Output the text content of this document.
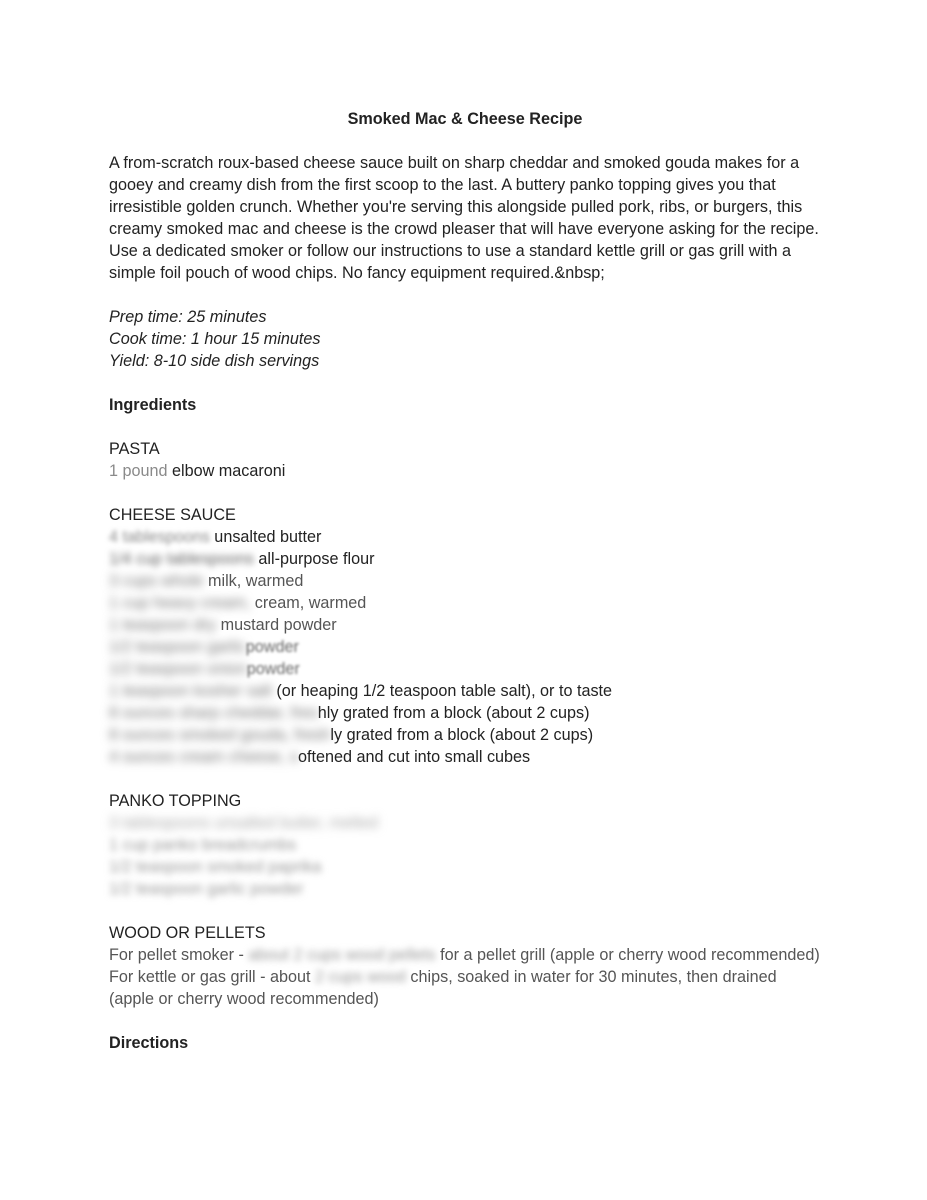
Smoked Mac & Cheese Recipe
A from-scratch roux-based cheese sauce built on sharp cheddar and smoked gouda makes for a gooey and creamy dish from the first scoop to the last. A buttery panko topping gives you that irresistible golden crunch. Whether you're serving this alongside pulled pork, ribs, or burgers, this creamy smoked mac and cheese is the crowd pleaser that will have everyone asking for the recipe. Use a dedicated smoker or follow our instructions to use a standard kettle grill or gas grill with a simple foil pouch of wood chips. No fancy equipment required.&nbsp;
Prep time: 25 minutes
Cook time: 1 hour 15 minutes
Yield: 8-10 side dish servings
Ingredients
PASTA
1 pound elbow macaroni
CHEESE SAUCE
4 tablespoons unsalted butter
1/4 cup tablespoons all-purpose flour
3 cups whole milk, warmed
1 cup heavy cream, cream, warmed
1 teaspoon dry mustard powder
1/2 teaspoon garlicpowder
1/2 teaspoon onionpowder
1 teaspoon kosher salt (or heaping 1/2 teaspoon table salt), or to taste
8 ounces sharp cheddar, freshly grated from a block (about 2 cups)
8 ounces smoked gouda, freshly grated from a block (about 2 cups)
4 ounces cream cheese, softened and cut into small cubes
PANKO TOPPING
3 tablespoons unsalted butter, melted
1 cup panko breadcrumbs
1/2 teaspoon smoked paprika
1/2 teaspoon garlic powder
WOOD OR PELLETS
For pellet smoker - about 2 cups wood pellets for a pellet grill (apple or cherry wood recommended)
For kettle or gas grill - about 2 cups wood chips, soaked in water for 30 minutes, then drained (apple or cherry wood recommended)
Directions
